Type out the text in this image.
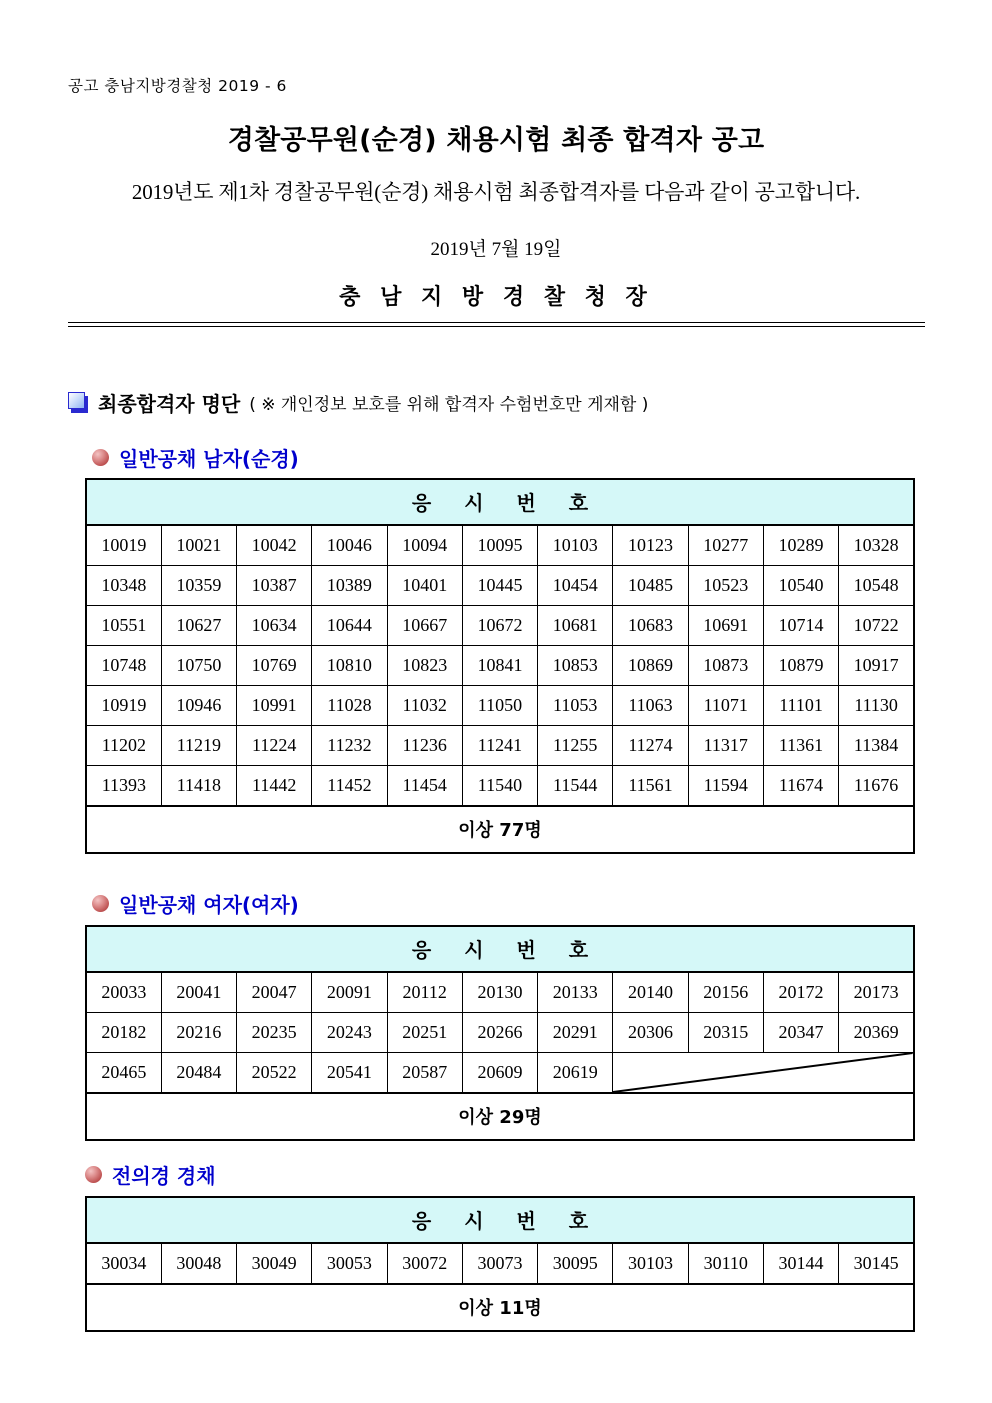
공고 충남지방경찰청 2019 - 6
경찰공무원(순경) 채용시험 최종 합격자 공고
2019년도 제1차 경찰공무원(순경) 채용시험 최종합격자를 다음과 같이 공고합니다.
2019년 7월 19일
충 남 지 방 경 찰 청 장
최종합격자 명단 ( ※ 개인정보 보호를 위해 합격자 수험번호만 게재함 )
일반공채 남자(순경)
응 시 번 호										
10019	10021	10042	10046	10094	10095	10103	10123	10277	10289	10328
10348	10359	10387	10389	10401	10445	10454	10485	10523	10540	10548
10551	10627	10634	10644	10667	10672	10681	10683	10691	10714	10722
10748	10750	10769	10810	10823	10841	10853	10869	10873	10879	10917
10919	10946	10991	11028	11032	11050	11053	11063	11071	11101	11130
11202	11219	11224	11232	11236	11241	11255	11274	11317	11361	11384
11393	11418	11442	11452	11454	11540	11544	11561	11594	11674	11676
이상 77명										
일반공채 여자(여자)
응 시 번 호										
20033	20041	20047	20091	20112	20130	20133	20140	20156	20172	20173
20182	20216	20235	20243	20251	20266	20291	20306	20315	20347	20369
20465	20484	20522	20541	20587	20609	20619	

이상 29명										
전의경 경채
응 시 번 호
30034	30048	30049	30053	30072	30073	30095	30103	30110	30144	30145
이상 11명
